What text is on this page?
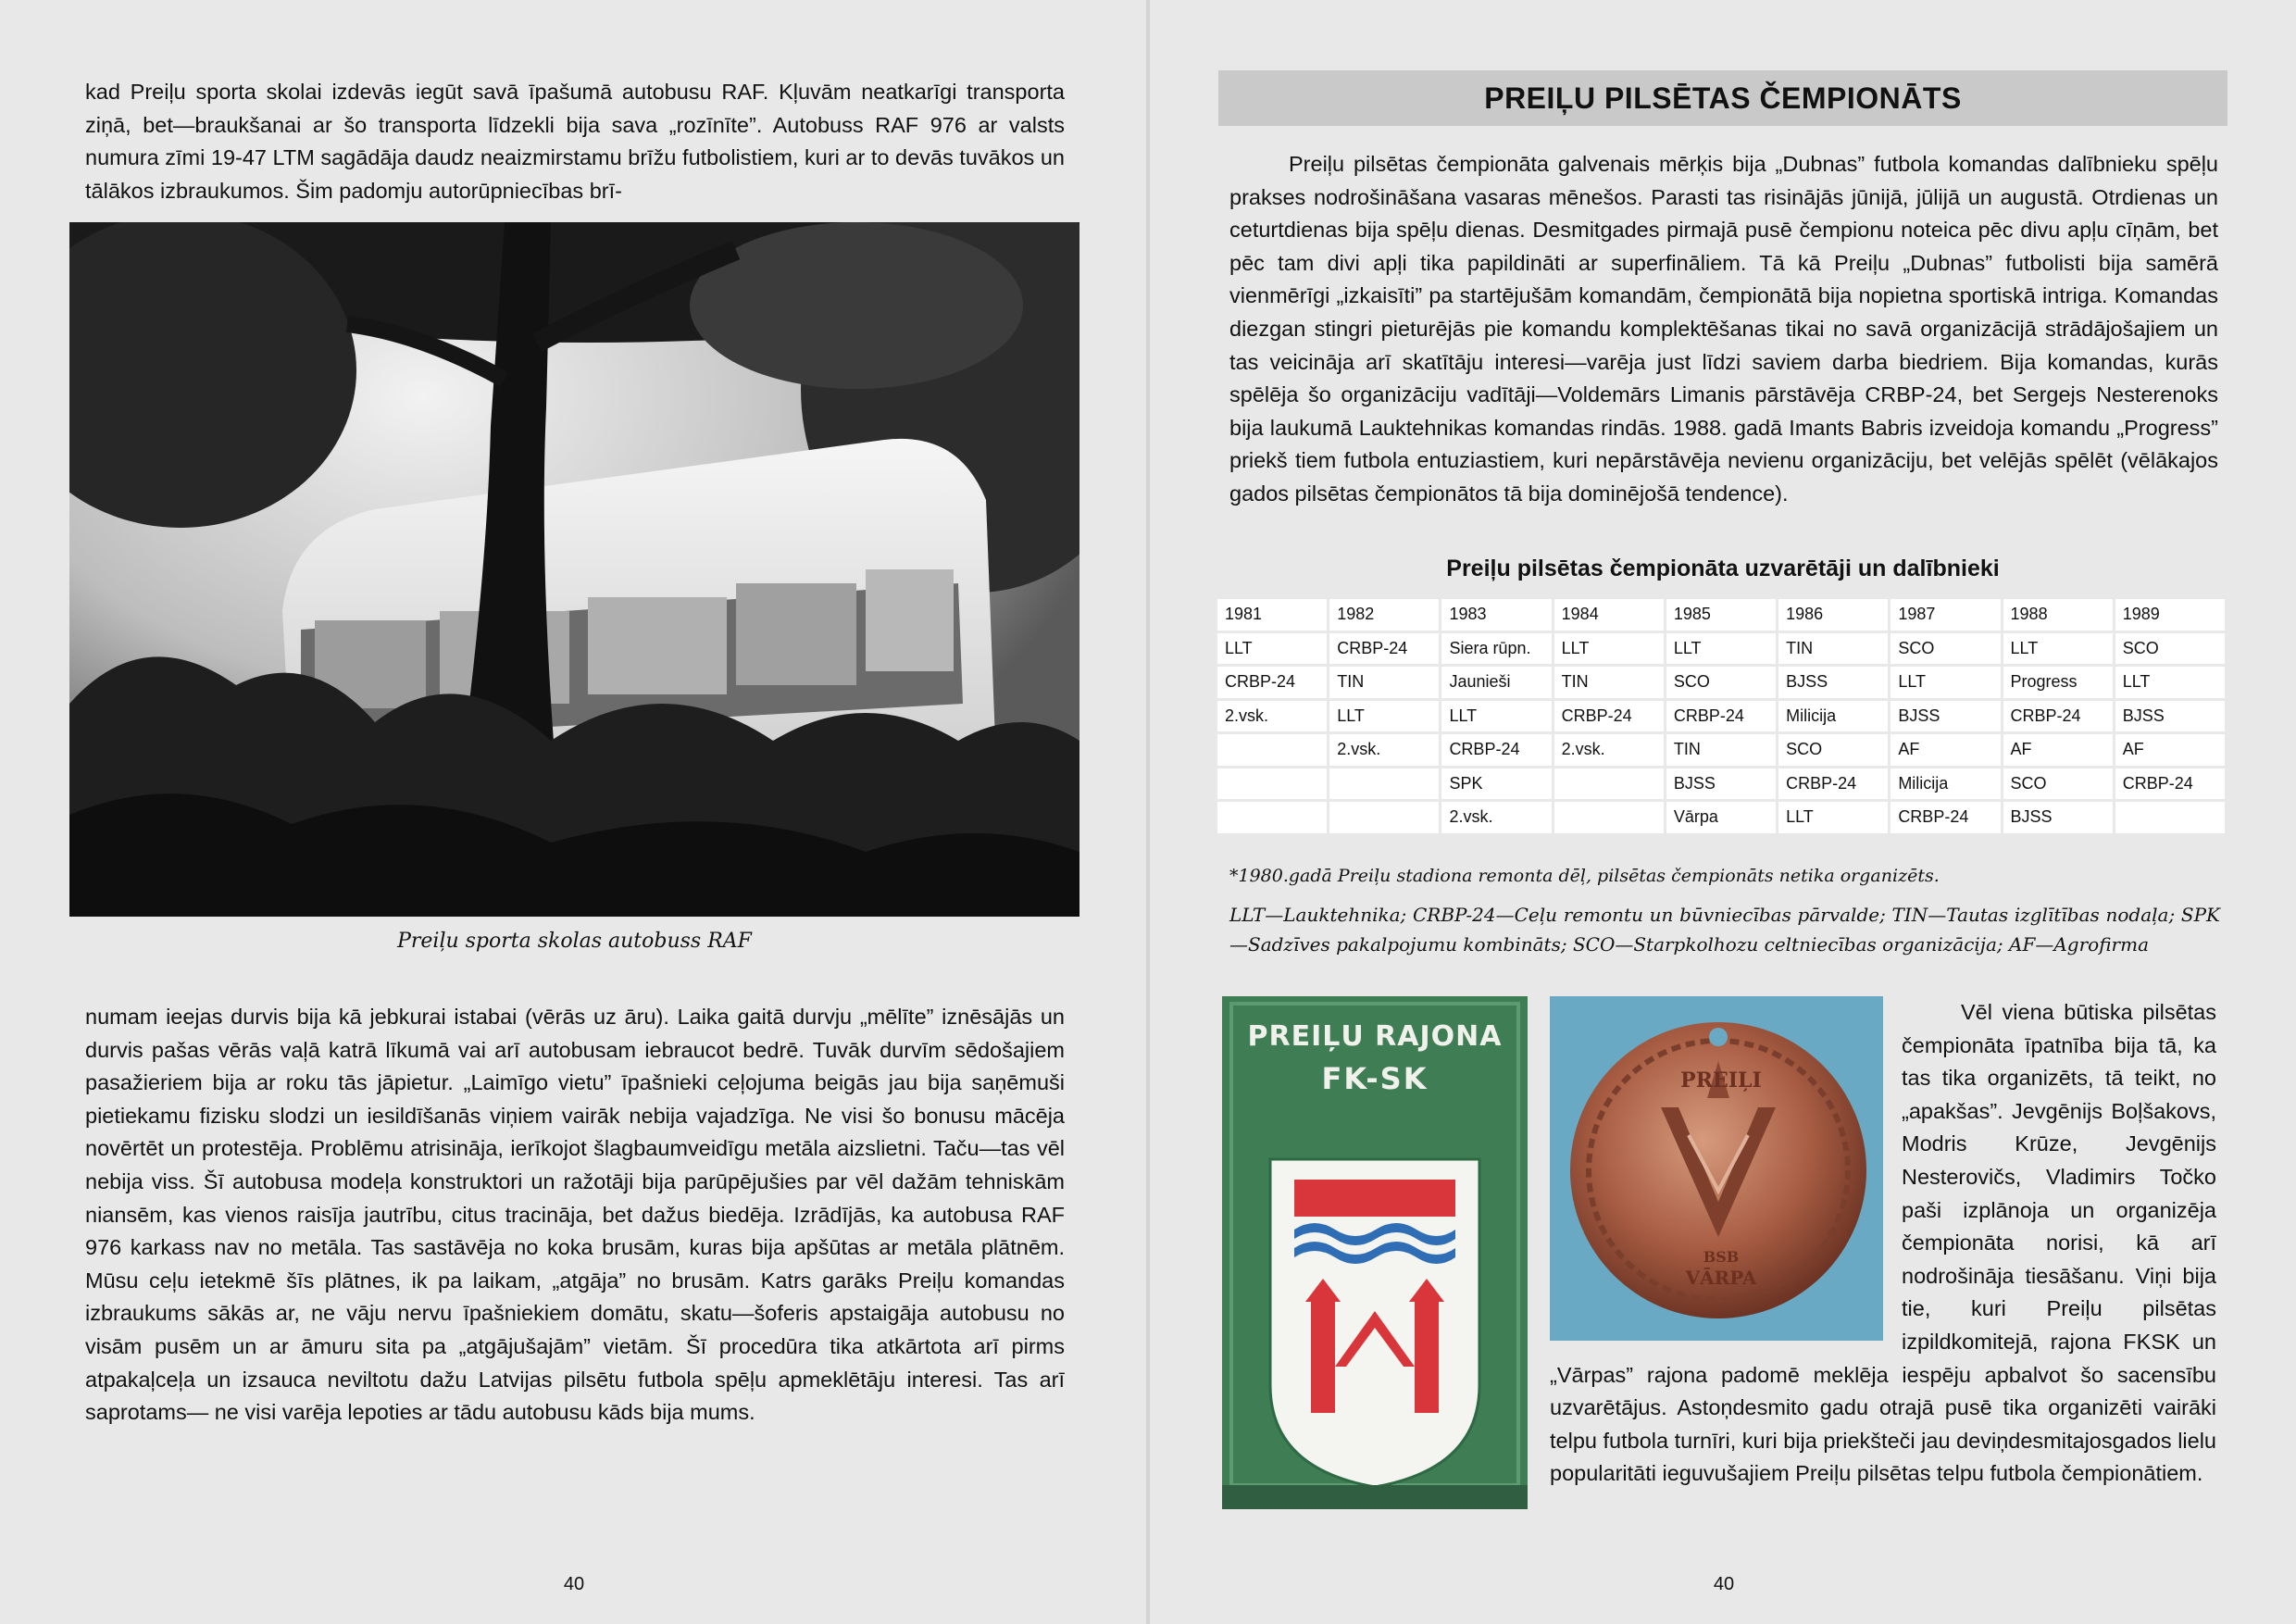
kad Preiļu sporta skolai izdevās iegūt savā īpašumā autobusu RAF. Kļuvām neatkarīgi transporta ziņā, bet—braukšanai ar šo transporta līdzekli bija sava „rozīnīte”. Autobuss RAF 976 ar valsts numura zīmi 19-47 LTM sagādāja daudz neaizmirstamu brīžu futbolistiem, kuri ar to devās tuvākos un tālākos izbraukumos. Šim padomju autorūpniecības brī-

Preiļu sporta skolas autobuss RAF

numam ieejas durvis bija kā jebkurai istabai (vērās uz āru). Laika gaitā durvju „mēlīte” iznēsājās un durvis pašas vērās vaļā katrā līkumā vai arī autobusam iebraucot bedrē. Tuvāk durvīm sēdošajiem pasažieriem bija ar roku tās jāpietur. „Laimīgo vietu” īpašnieki ceļojuma beigās jau bija saņēmuši pietiekamu fizisku slodzi un iesildīšanās viņiem vairāk nebija vajadzīga. Ne visi šo bonusu mācēja novērtēt un protestēja. Problēmu atrisināja, ierīkojot šlagbaumveidīgu metāla aizslietni. Taču—tas vēl nebija viss. Šī autobusa modeļa konstruktori un ražotāji bija parūpējušies par vēl dažām tehniskām niansēm, kas vienos raisīja jautrību, citus tracināja, bet dažus biedēja. Izrādījās, ka autobusa RAF 976 karkass nav no metāla. Tas sastāvēja no koka brusām, kuras bija apšūtas ar metāla plātnēm. Mūsu ceļu ietekmē šīs plātnes, ik pa laikam, „atgāja” no brusām. Katrs garāks Preiļu komandas izbraukums sākās ar, ne vāju nervu īpašniekiem domātu, skatu—šoferis apstaigāja autobusu no visām pusēm un ar āmuru sita pa „atgājušajām” vietām. Šī procedūra tika atkārtota arī pirms atpakaļceļa un izsauca neviltotu dažu Latvijas pilsētu futbola spēļu apmeklētāju interesi. Tas arī saprotams— ne visi varēja lepoties ar tādu autobusu kāds bija mums.

40
PREIĻU PILSĒTAS ČEMPIONĀTS

Preiļu pilsētas čempionāta galvenais mērķis bija „Dubnas” futbola komandas dalībnieku spēļu prakses nodrošināšana vasaras mēnešos. Parasti tas risinājās jūnijā, jūlijā un augustā. Otrdienas un ceturtdienas bija spēļu dienas. Desmitgades pirmajā pusē čempionu noteica pēc divu apļu cīņām, bet pēc tam divi apļi tika papildināti ar superfināliem. Tā kā Preiļu „Dubnas” futbolisti bija samērā vienmērīgi „izkaisīti” pa startējušām komandām, čempionātā bija nopietna sportiskā intriga. Komandas diezgan stingri pieturējās pie komandu komplektēšanas tikai no savā organizācijā strādājošajiem un tas veicināja arī skatītāju interesi—varēja just līdzi saviem darba biedriem. Bija komandas, kurās spēlēja šo organizāciju vadītāji—Voldemārs Limanis pārstāvēja CRBP-24, bet Sergejs Nesterenoks bija laukumā Lauktehnikas komandas rindās. 1988. gadā Imants Babris izveidoja komandu „Progress” priekš tiem futbola entuziastiem, kuri nepārstāvēja nevienu organizāciju, bet velējās spēlēt (vēlākajos gados pilsētas čempionātos tā bija dominējošā tendence).

Preiļu pilsētas čempionāta uzvarētāji un dalībnieki

1981	1982	1983	1984	1985	1986	1987	1988	1989
LLT	CRBP-24	Siera rūpn.	LLT	LLT	TIN	SCO	LLT	SCO
CRBP-24	TIN	Jaunieši	TIN	SCO	BJSS	LLT	Progress	LLT
2.vsk.	LLT	LLT	CRBP-24	CRBP-24	Milicija	BJSS	CRBP-24	BJSS
	2.vsk.	CRBP-24	2.vsk.	TIN	SCO	AF	AF	AF
		SPK		BJSS	CRBP-24	Milicija	SCO	CRBP-24
		2.vsk.		Vārpa	LLT	CRBP-24	BJSS	

*1980.gadā Preiļu stadiona remonta dēļ, pilsētas čempionāts netika organizēts.

LLT—Lauktehnika; CRBP-24—Ceļu remontu un būvniecības pārvalde; TIN—Tautas izglītības nodaļa; SPK—Sadzīves pakalpojumu kombināts; SCO—Starpkolhozu celtniecības organizācija; AF—Agrofirma

PREIĻU RAJONA
FK-SK	PREIĻI
BSB
VĀRPA
Vēl viena būtiska pilsētas čempionāta īpatnība bija tā, ka tas tika organizēts, tā teikt, no „apakšas”. Jevgēnijs Boļšakovs, Modris Krūze, Jevgēnijs Nesterovičs, Vladimirs Točko paši izplānoja un organizēja čempionāta norisi, kā arī nodrošināja tiesāšanu. Viņi bija tie, kuri Preiļu pilsētas izpildkomitejā, rajona FKSK un „Vārpas” rajona padomē meklēja iespēju apbalvot šo sacensību uzvarētājus. Astoņdesmito gadu otrajā pusē tika organizēti vairāki telpu futbola turnīri, kuri bija priekšteči jau deviņdesmitajosgados lielu popularitāti ieguvušajiem Preiļu pilsētas telpu futbola čempionātiem.
40
